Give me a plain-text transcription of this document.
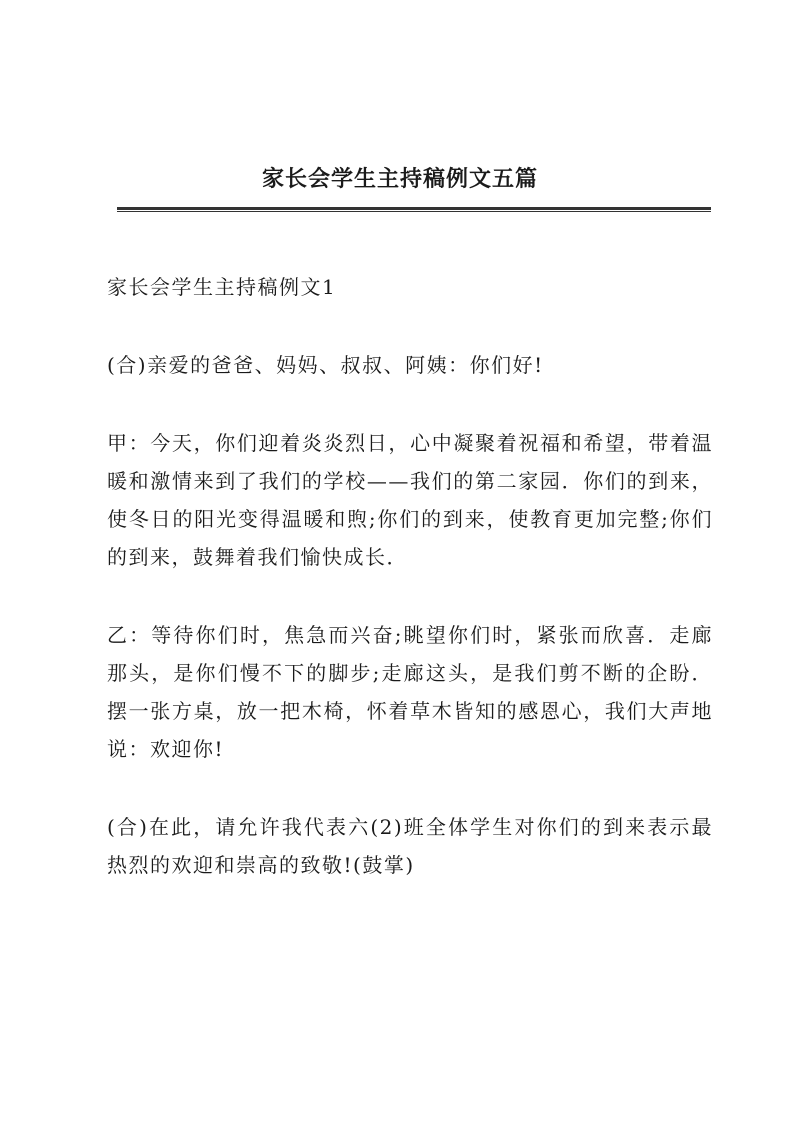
家长会学生主持稿例文五篇

家长会学生主持稿例文1

(合)亲爱的爸爸、妈妈、叔叔、阿姨：你们好!

甲：今天，你们迎着炎炎烈日，心中凝聚着祝福和希望，带着温暖和激情来到了我们的学校——我们的第二家园．你们的到来，使冬日的阳光变得温暖和煦;你们的到来，使教育更加完整;你们的到来，鼓舞着我们愉快成长．

乙：等待你们时，焦急而兴奋;眺望你们时，紧张而欣喜．走廊那头，是你们慢不下的脚步;走廊这头，是我们剪不断的企盼．摆一张方桌，放一把木椅，怀着草木皆知的感恩心，我们大声地说：欢迎你!

(合)在此，请允许我代表六(2)班全体学生对你们的到来表示最热烈的欢迎和崇高的致敬!(鼓掌)
